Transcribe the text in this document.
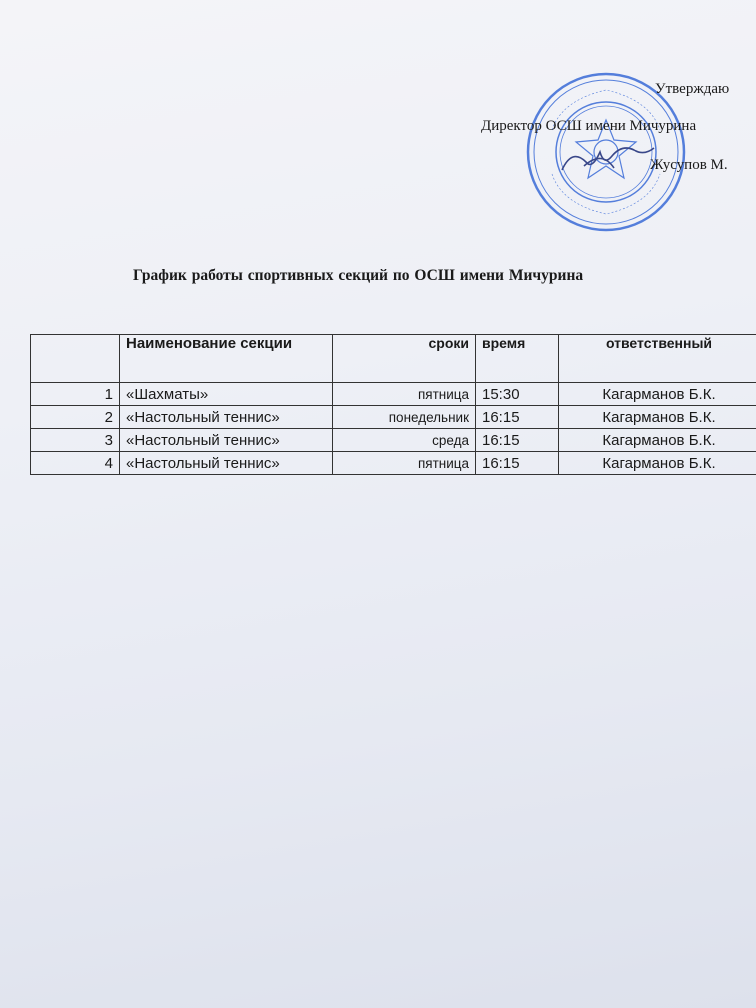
Утверждаю
Директор ОСШ имени Мичурина
Жусупов М.
График работы спортивных секций по ОСШ имени Мичурина
	Наименование секции	сроки	время	ответственный
1	«Шахматы»	пятница	15:30	Кагарманов Б.К.
2	«Настольный теннис»	понедельник	16:15	Кагарманов Б.К.
3	«Настольный теннис»	среда	16:15	Кагарманов Б.К.
4	«Настольный теннис»	пятница	16:15	Кагарманов Б.К.
